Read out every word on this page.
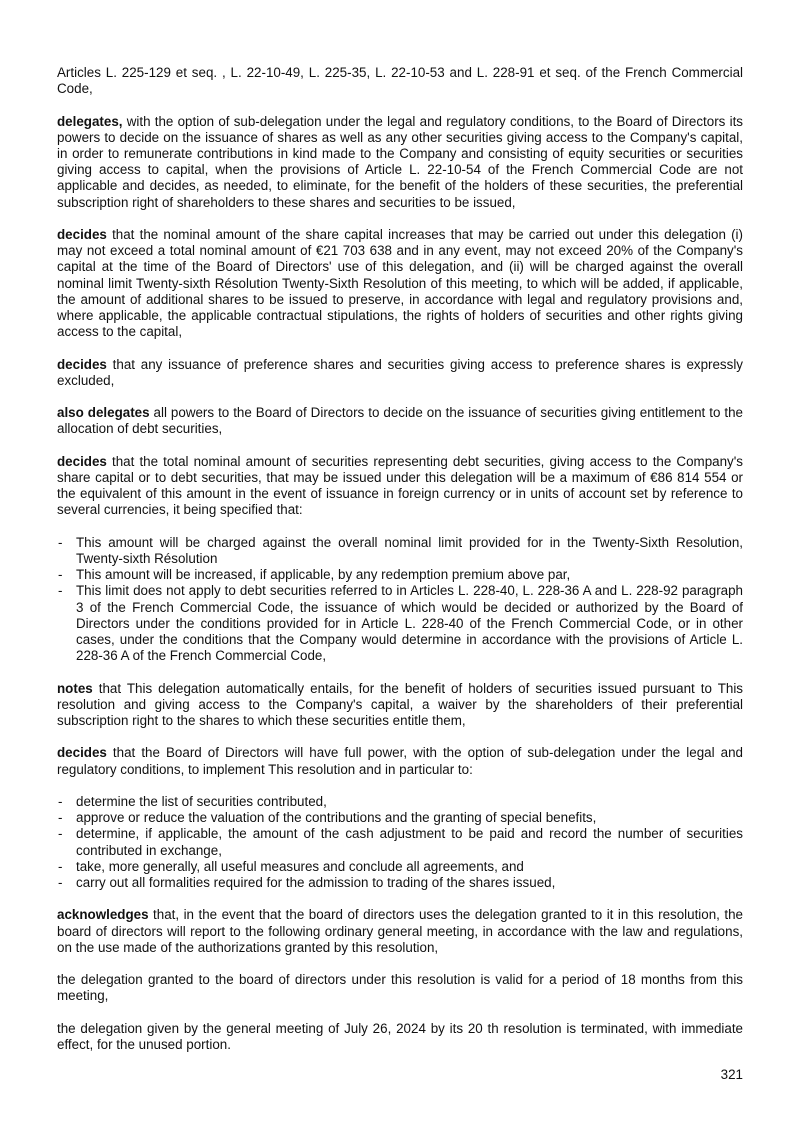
Articles L. 225-129 et seq. , L. 22-10-49, L. 225-35, L. 22-10-53 and L. 228-91 et seq. of the French Commercial Code,

delegates, with the option of sub-delegation under the legal and regulatory conditions, to the Board of Directors its powers to decide on the issuance of shares as well as any other securities giving access to the Company's capital, in order to remunerate contributions in kind made to the Company and consisting of equity securities or securities giving access to capital, when the provisions of Article L. 22-10-54 of the French Commercial Code are not applicable and decides, as needed, to eliminate, for the benefit of the holders of these securities, the preferential subscription right of shareholders to these shares and securities to be issued,

decides that the nominal amount of the share capital increases that may be carried out under this delegation (i) may not exceed a total nominal amount of €21 703 638 and in any event, may not exceed 20% of the Company's capital at the time of the Board of Directors' use of this delegation, and (ii) will be charged against the overall nominal limit Twenty-sixth Résolution Twenty-Sixth Resolution of this meeting, to which will be added, if applicable, the amount of additional shares to be issued to preserve, in accordance with legal and regulatory provisions and, where applicable, the applicable contractual stipulations, the rights of holders of securities and other rights giving access to the capital,

decides that any issuance of preference shares and securities giving access to preference shares is expressly excluded,

also delegates all powers to the Board of Directors to decide on the issuance of securities giving entitlement to the allocation of debt securities,

decides that the total nominal amount of securities representing debt securities, giving access to the Company's share capital or to debt securities, that may be issued under this delegation will be a maximum of €86 814 554 or the equivalent of this amount in the event of issuance in foreign currency or in units of account set by reference to several currencies, it being specified that:

- This amount will be charged against the overall nominal limit provided for in the Twenty-Sixth Resolution, Twenty-sixth Résolution
- This amount will be increased, if applicable, by any redemption premium above par,
- This limit does not apply to debt securities referred to in Articles L. 228-40, L. 228-36 A and L. 228-92 paragraph 3 of the French Commercial Code, the issuance of which would be decided or authorized by the Board of Directors under the conditions provided for in Article L. 228-40 of the French Commercial Code, or in other cases, under the conditions that the Company would determine in accordance with the provisions of Article L. 228-36 A of the French Commercial Code,

notes that This delegation automatically entails, for the benefit of holders of securities issued pursuant to This resolution and giving access to the Company's capital, a waiver by the shareholders of their preferential subscription right to the shares to which these securities entitle them,

decides that the Board of Directors will have full power, with the option of sub-delegation under the legal and regulatory conditions, to implement This resolution and in particular to:

- determine the list of securities contributed,
- approve or reduce the valuation of the contributions and the granting of special benefits,
- determine, if applicable, the amount of the cash adjustment to be paid and record the number of securities contributed in exchange,
- take, more generally, all useful measures and conclude all agreements, and
- carry out all formalities required for the admission to trading of the shares issued,

acknowledges that, in the event that the board of directors uses the delegation granted to it in this resolution, the board of directors will report to the following ordinary general meeting, in accordance with the law and regulations, on the use made of the authorizations granted by this resolution,

the delegation granted to the board of directors under this resolution is valid for a period of 18 months from this meeting,

the delegation given by the general meeting of July 26, 2024 by its 20 th resolution is terminated, with immediate effect, for the unused portion.

321
